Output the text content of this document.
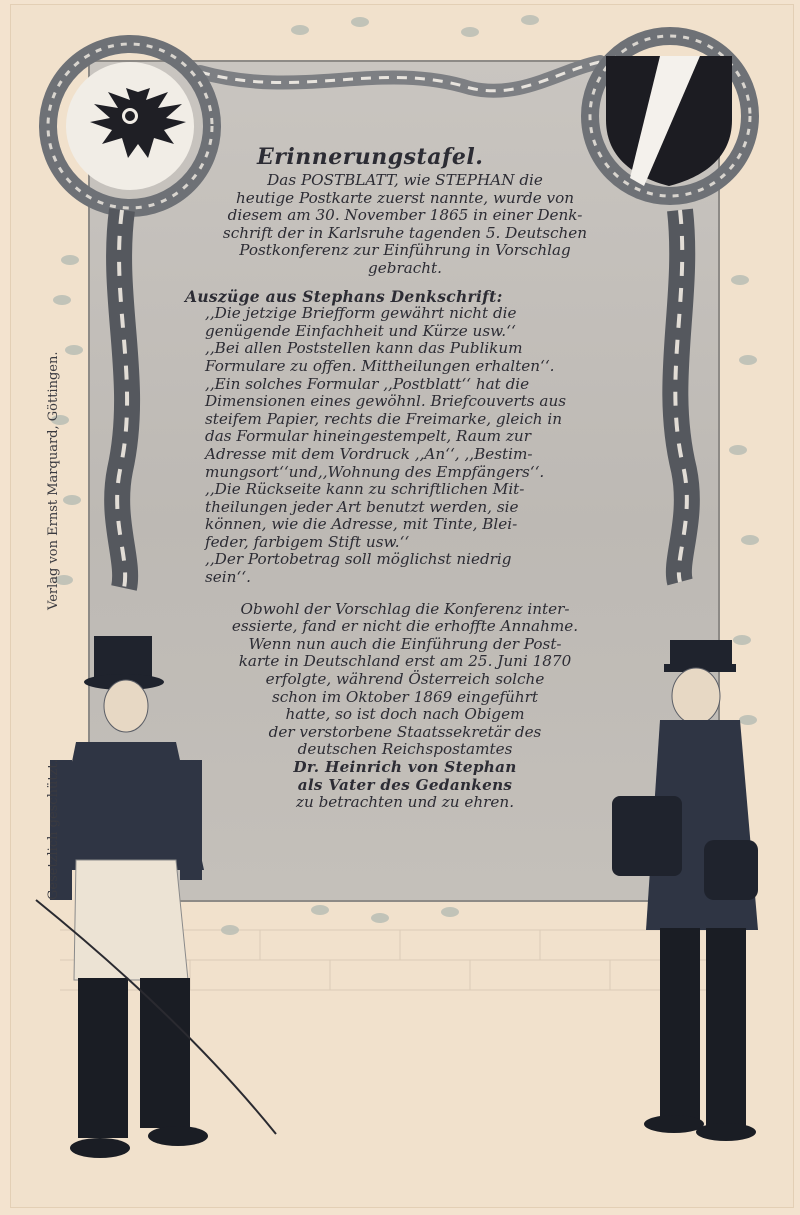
Erinnerungstafel.
Das POSTBLATT, wie STEPHAN die
heutige Postkarte zuerst nannte, wurde von
diesem am 30. November 1865 in einer Denk-
schrift der in Karlsruhe tagenden 5. Deutschen
Postkonferenz zur Einführung in Vorschlag
gebracht.
Auszüge aus Stephans Denkschrift:
,,Die jetzige Briefform gewährt nicht die
genügende Einfachheit und Kürze usw.‘‘
,,Bei allen Poststellen kann das Publikum
Formulare zu offen. Mittheilungen erhalten‘‘.
,,Ein solches Formular ,,Postblatt‘‘ hat die
Dimensionen eines gewöhnl. Briefcouverts aus
steifem Papier, rechts die Freimarke, gleich in
das Formular hineingestempelt, Raum zur
Adresse mit dem Vordruck ,,An‘‘, ,,Bestim-
mungsort‘‘und,,Wohnung des Empfängers‘‘.
,,Die Rückseite kann zu schriftlichen Mit-
theilungen jeder Art benutzt werden, sie
können, wie die Adresse, mit Tinte, Blei-
feder, farbigem Stift usw.‘‘
,,Der Portobetrag soll möglichst niedrig
sein‘‘.
Obwohl der Vorschlag die Konferenz inter-
essierte, fand er nicht die erhoffte Annahme.
Wenn nun auch die Einführung der Post-
karte in Deutschland erst am 25. Juni 1870
erfolgte, während Österreich solche
schon im Oktober 1869 eingeführt
hatte, so ist doch nach Obigem
der verstorbene Staatssekretär des
deutschen Reichspostamtes
Dr. Heinrich von Stephan
als Vater des Gedankens
zu betrachten und zu ehren.
Verlag von Ernst Marquard, Göttingen.
Gesetzlich geschützt.
